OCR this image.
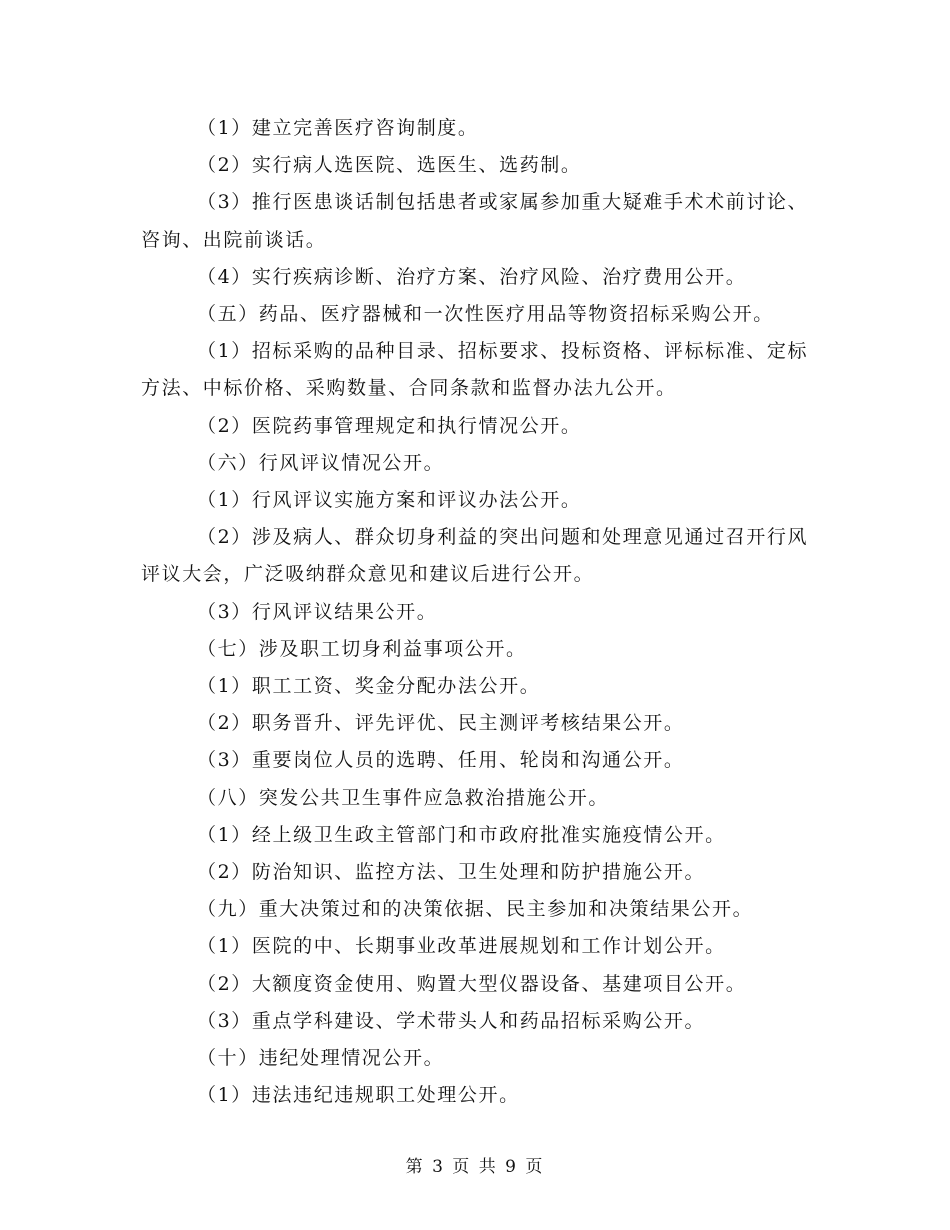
（1）建立完善医疗咨询制度。

（2）实行病人选医院、选医生、选药制。

（3）推行医患谈话制包括患者或家属参加重大疑难手术术前讨论、咨询、出院前谈话。

（4）实行疾病诊断、治疗方案、治疗风险、治疗费用公开。

（五）药品、医疗器械和一次性医疗用品等物资招标采购公开。

（1）招标采购的品种目录、招标要求、投标资格、评标标准、定标方法、中标价格、采购数量、合同条款和监督办法九公开。

（2）医院药事管理规定和执行情况公开。

（六）行风评议情况公开。

（1）行风评议实施方案和评议办法公开。

（2）涉及病人、群众切身利益的突出问题和处理意见通过召开行风评议大会，广泛吸纳群众意见和建议后进行公开。

（3）行风评议结果公开。

（七）涉及职工切身利益事项公开。

（1）职工工资、奖金分配办法公开。

（2）职务晋升、评先评优、民主测评考核结果公开。

（3）重要岗位人员的选聘、任用、轮岗和沟通公开。

（八）突发公共卫生事件应急救治措施公开。

（1）经上级卫生政主管部门和市政府批准实施疫情公开。

（2）防治知识、监控方法、卫生处理和防护措施公开。

（九）重大决策过和的决策依据、民主参加和决策结果公开。

（1）医院的中、长期事业改革进展规划和工作计划公开。

（2）大额度资金使用、购置大型仪器设备、基建项目公开。

（3）重点学科建设、学术带头人和药品招标采购公开。

（十）违纪处理情况公开。

（1）违法违纪违规职工处理公开。

第 3 页 共 9 页
